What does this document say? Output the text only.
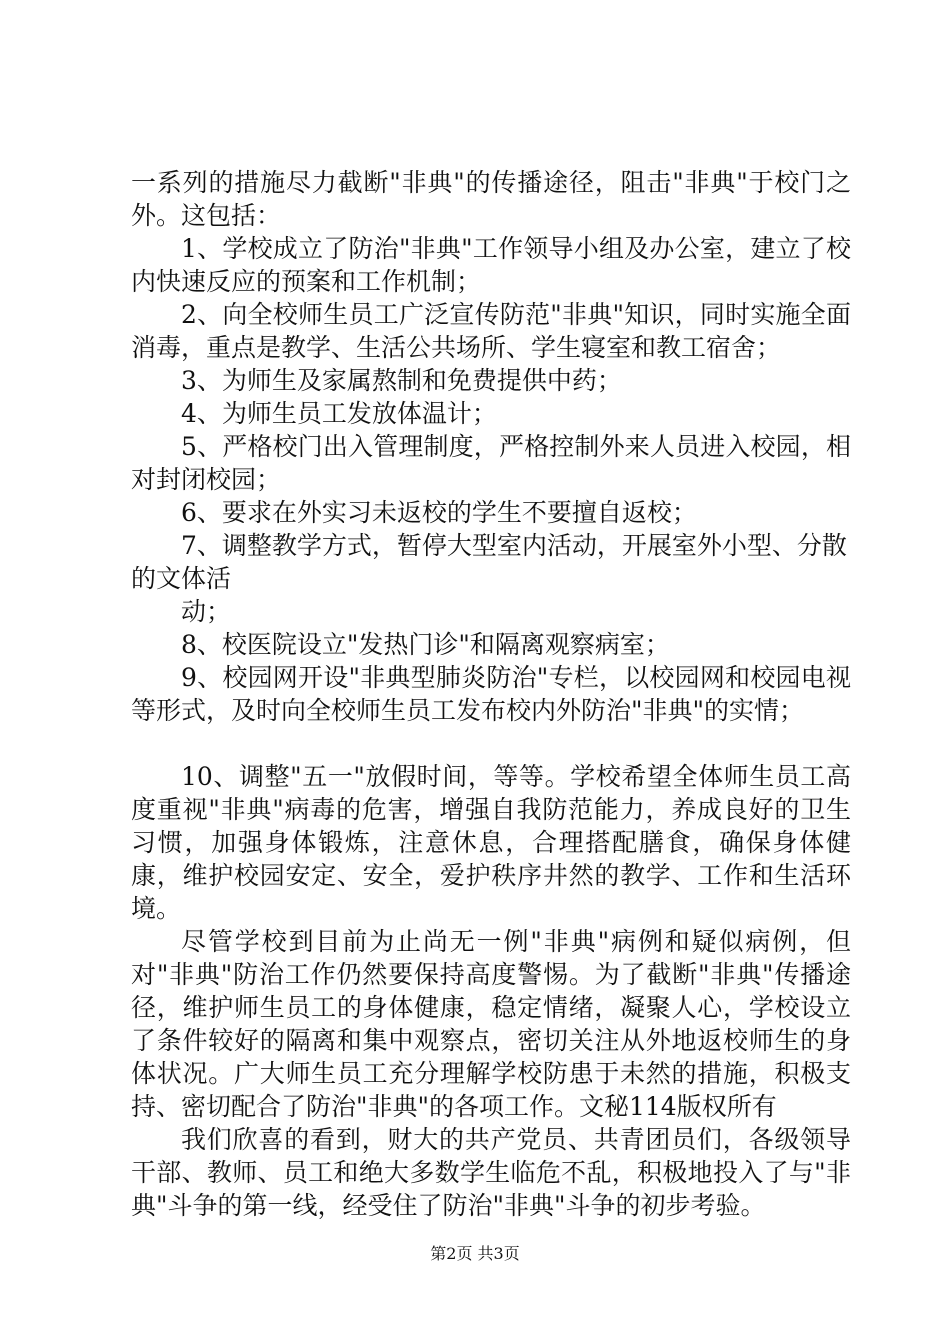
一系列的措施尽力截断"非典"的传播途径，阻击"非典"于校门之外。这包括：

1、学校成立了防治"非典"工作领导小组及办公室，建立了校内快速反应的预案和工作机制；

2、向全校师生员工广泛宣传防范"非典"知识，同时实施全面消毒，重点是教学、生活公共场所、学生寝室和教工宿舍；

3、为师生及家属熬制和免费提供中药；

4、为师生员工发放体温计；

5、严格校门出入管理制度，严格控制外来人员进入校园，相对封闭校园；

6、要求在外实习未返校的学生不要擅自返校；

7、调整教学方式，暂停大型室内活动，开展室外小型、分散的文体活

动；

8、校医院设立"发热门诊"和隔离观察病室；

9、校园网开设"非典型肺炎防治"专栏，以校园网和校园电视等形式，及时向全校师生员工发布校内外防治"非典"的实情；

10、调整"五一"放假时间，等等。学校希望全体师生员工高度重视"非典"病毒的危害，增强自我防范能力，养成良好的卫生习惯，加强身体锻炼，注意休息，合理搭配膳食，确保身体健康，维护校园安定、安全，爱护秩序井然的教学、工作和生活环境。

尽管学校到目前为止尚无一例"非典"病例和疑似病例，但对"非典"防治工作仍然要保持高度警惕。为了截断"非典"传播途径，维护师生员工的身体健康，稳定情绪，凝聚人心，学校设立了条件较好的隔离和集中观察点，密切关注从外地返校师生的身体状况。广大师生员工充分理解学校防患于未然的措施，积极支持、密切配合了防治"非典"的各项工作。文秘114版权所有

我们欣喜的看到，财大的共产党员、共青团员们，各级领导干部、教师、员工和绝大多数学生临危不乱，积极地投入了与"非典"斗争的第一线，经受住了防治"非典"斗争的初步考验。

第2页 共3页
